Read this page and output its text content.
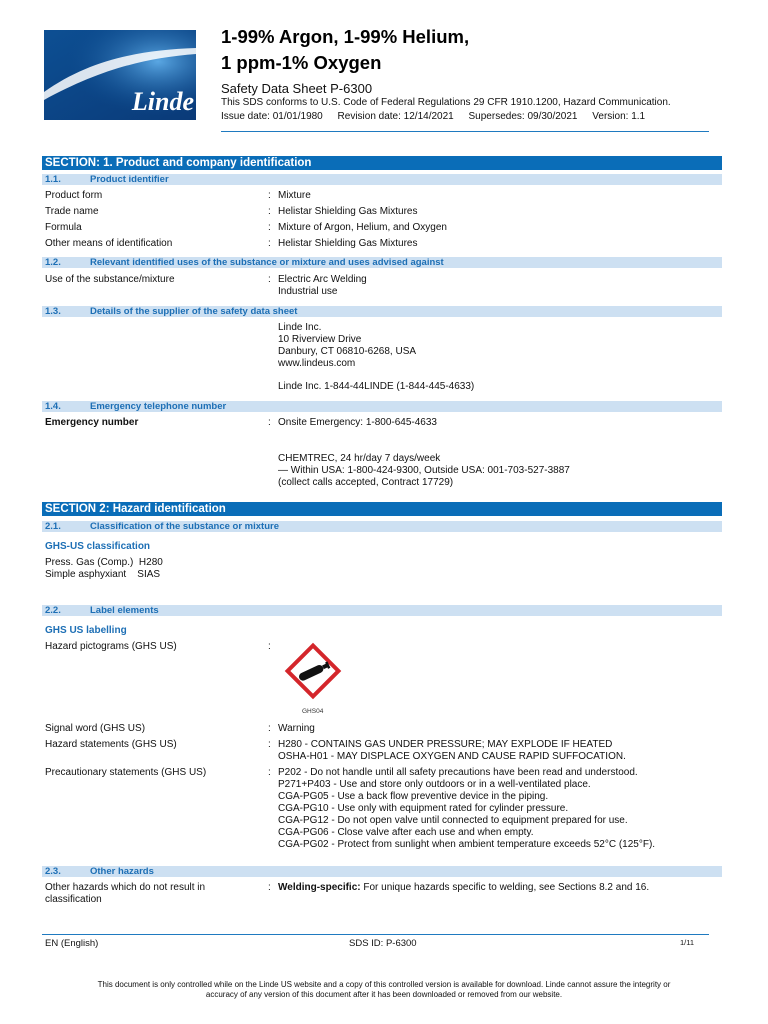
Linde
1-99% Argon, 1-99% Helium,
1 ppm-1% Oxygen
Safety Data Sheet P-6300
This SDS conforms to U.S. Code of Federal Regulations 29 CFR 1910.1200, Hazard Communication.
Issue date: 01/01/1980 Revision date: 12/14/2021 Supersedes: 09/30/2021 Version: 1.1
SECTION: 1. Product and company identification
1.1.	Product identifier
Product form	: Mixture
Trade name	: Helistar Shielding Gas Mixtures
Formula	: Mixture of Argon, Helium, and Oxygen
Other means of identification	: Helistar Shielding Gas Mixtures
1.2.	Relevant identified uses of the substance or mixture and uses advised against
Use of the substance/mixture	: Electric Arc Welding
Industrial use
1.3.	Details of the supplier of the safety data sheet
Linde Inc.
10 Riverview Drive
Danbury, CT 06810-6268, USA
www.lindeus.com
Linde Inc. 1-844-44LINDE (1-844-445-4633)
1.4.	Emergency telephone number
Emergency number	: Onsite Emergency: 1-800-645-4633
CHEMTREC, 24 hr/day 7 days/week
— Within USA: 1-800-424-9300, Outside USA: 001-703-527-3887
(collect calls accepted, Contract 17729)
SECTION 2: Hazard identification
2.1.	Classification of the substance or mixture
GHS-US classification
Press. Gas (Comp.) H280
Simple asphyxiant SIAS
2.2.	Label elements
GHS US labelling
Hazard pictograms (GHS US)	:
GHS04
Signal word (GHS US)	: Warning
Hazard statements (GHS US)	: H280 - CONTAINS GAS UNDER PRESSURE; MAY EXPLODE IF HEATED
OSHA-H01 - MAY DISPLACE OXYGEN AND CAUSE RAPID SUFFOCATION.
Precautionary statements (GHS US)	: P202 - Do not handle until all safety precautions have been read and understood.
P271+P403 - Use and store only outdoors or in a well-ventilated place.
CGA-PG05 - Use a back flow preventive device in the piping.
CGA-PG10 - Use only with equipment rated for cylinder pressure.
CGA-PG12 - Do not open valve until connected to equipment prepared for use.
CGA-PG06 - Close valve after each use and when empty.
CGA-PG02 - Protect from sunlight when ambient temperature exceeds 52°C (125°F).
2.3.	Other hazards
Other hazards which do not result in
classification
: Welding-specific: For unique hazards specific to welding, see Sections 8.2 and 16.
EN (English)	SDS ID: P-6300	1/11
This document is only controlled while on the Linde US website and a copy of this controlled version is available for download. Linde cannot assure the integrity or
accuracy of any version of this document after it has been downloaded or removed from our website.
